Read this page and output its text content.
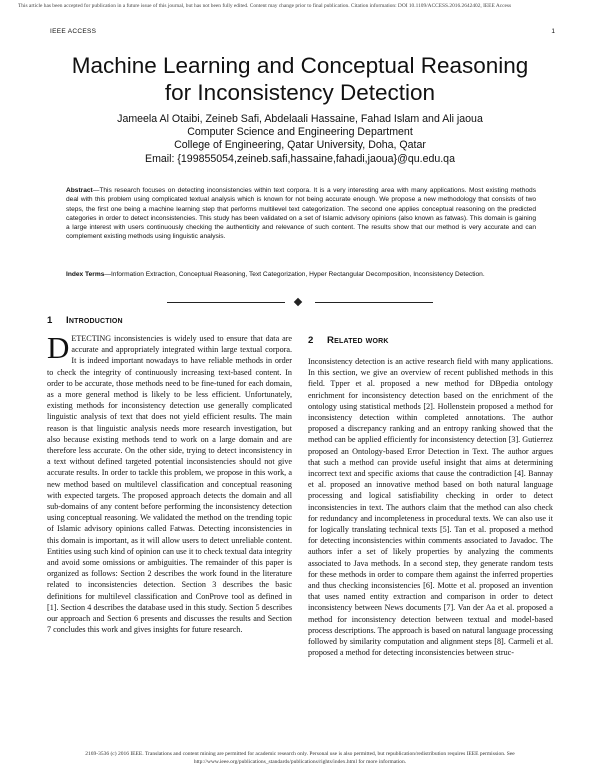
This article has been accepted for publication in a future issue of this journal, but has not been fully edited. Content may change prior to final publication. Citation information: DOI 10.1109/ACCESS.2016.2642402, IEEE Access
IEEE ACCESS	1
Machine Learning and Conceptual Reasoning
for Inconsistency Detection
Jameela Al Otaibi, Zeineb Safi, Abdelaali Hassaine, Fahad Islam and Ali jaoua
Computer Science and Engineering Department
College of Engineering, Qatar University, Doha, Qatar
Email: {199855054,zeineb.safi,hassaine,fahadi,jaoua}@qu.edu.qa

Abstract—This research focuses on detecting inconsistencies within text corpora. It is a very interesting area with many applications. Most existing methods deal with this problem using complicated textual analysis which is known for not being accurate enough. We propose a new methodology that consists of two steps, the first one being a machine learning step that performs multilevel text categorization. The second one applies conceptual reasoning on the predicted categories in order to detect inconsistencies. This study has been validated on a set of Islamic advisory opinions (also known as fatwas). This domain is gaining a large interest with users continuously checking the authenticity and relevance of such content. The results show that our method is very accurate and can complement existing methods using linguistic analysis.

Index Terms—Information Extraction, Conceptual Reasoning, Text Categorization, Hyper Rectangular Decomposition, Inconsistency Detection.

1 Introduction
DETECTING inconsistencies is widely used to ensure that data are accurate and appropriately integrated within large textual corpora. It is indeed important nowadays to have reliable methods in order to check the integrity of continuously increasing text-based content. In order to be accurate, those methods need to be fine-tuned for each domain, as a more general method is likely to be less efficient. Unfortunately, existing methods for inconsistency detection use generally complicated linguistic analysis of text that does not yield efficient results. The main reason is that linguistic analysis needs more research investigation, but also because existing methods tend to work on a large domain and are therefore less accurate. On the other side, trying to detect inconsistency in a text without defined targeted potential inconsistencies should not give accurate results. In order to tackle this problem, we propose in this work, a new method based on multilevel classification and conceptual reasoning with expected targets. The proposed approach detects the domain and all sub-domains of any content before performing the inconsistency detection using conceptual reasoning. We validated the method on the trending topic of Islamic advisory opinions called Fatwas. Detecting inconsistencies in this domain is important, as it will allow users to detect unreliable content. Entities using such kind of opinion can use it to check textual data integrity and avoid some omissions or ambiguities. The remainder of this paper is organized as follows: Section 2 describes the work found in the literature related to inconsistencies detection. Section 3 describes the basic definitions for multilevel classification and ConProve tool as defined in [1]. Section 4 describes the database used in this study. Section 5 describes our approach and Section 6 presents and discusses the results and Section 7 concludes this work and gives insights for future research.
2 Related work
Inconsistency detection is an active research field with many applications. In this section, we give an overview of recent published methods in this field. Tpper et al. proposed a new method for DBpedia ontology enrichment for inconsistency detection based on the enrichment of the ontology using statistical methods [2]. Hollenstein proposed a method for inconsistency detection within completed annotations. The author proposed a discrepancy ranking and an entropy ranking showed that the method can be applied efficiently for inconsistency detection [3]. Gutierrez proposed an Ontology-based Error Detection in Text. The author argues that such a method can provide useful insight that aims at determining incorrect text and specific axioms that cause the contradiction [4]. Bannay et al. proposed an innovative method based on both natural language processing and logical satisfiability checking in order to detect inconsistencies in text. The authors claim that the method can also check for redundancy and incompleteness in procedural texts. We can also use it for logically translating technical texts [5]. Tan et al. proposed a method for detecting inconsistencies within comments associated to Javadoc. The authors infer a set of likely properties by analyzing the comments associated to Java methods. In a second step, they generate random tests for these methods in order to compare them against the inferred properties and thus checking inconsistencies [6]. Motte et al. proposed an invention that uses named entity extraction and comparison in order to detect inconsistency between News documents [7]. Van der Aa et al. proposed a method for inconsistency detection between textual and model-based process descriptions. The approach is based on natural language processing followed by similarity computation and alignment steps [8]. Carmeli et al. proposed a method for detecting inconsistencies between struc-
2169-3536 (c) 2016 IEEE. Translations and content mining are permitted for academic research only. Personal use is also permitted, but republication/redistribution requires IEEE permission. See
http://www.ieee.org/publications_standards/publications/rights/index.html for more information.
